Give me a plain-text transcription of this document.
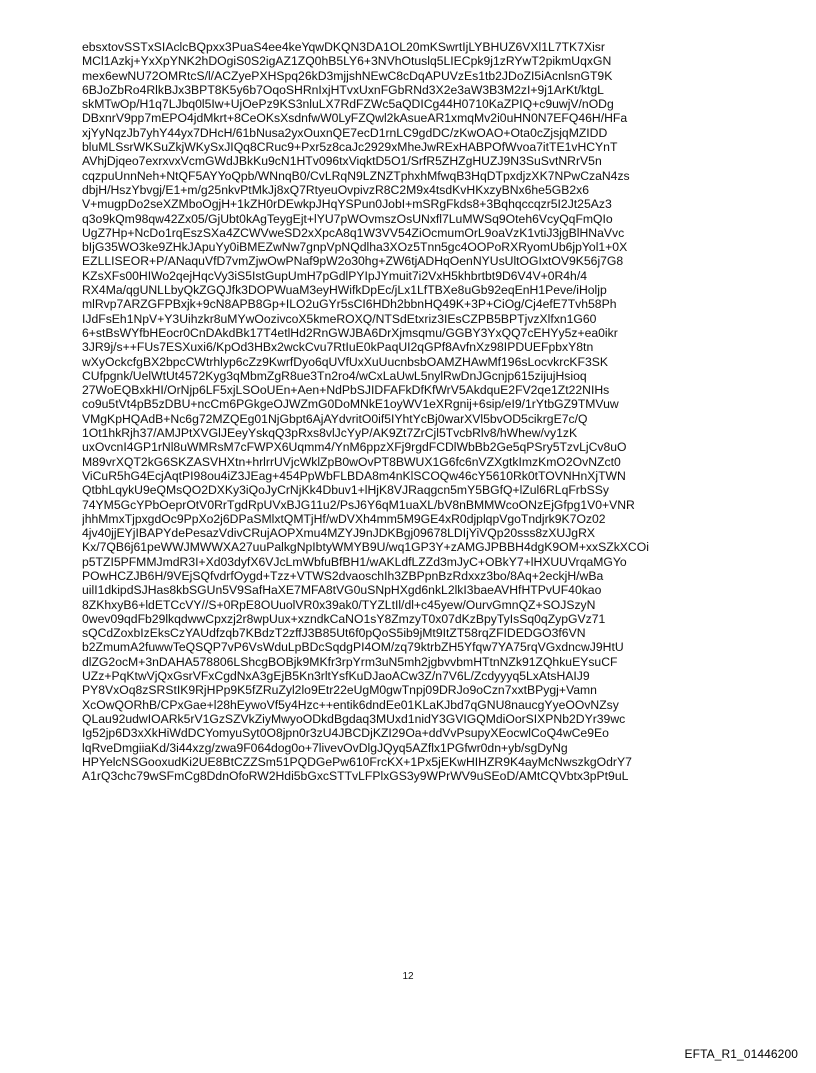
ebsxtovSSTxSIAclcBQpxx3PuaS4ee4keYqwDKQN3DA1OL20mKSwrtIjLYBHUZ6VXl1L7TK7Xisr
MCl1Azkj+YxXpYNK2hDOgiS0S2igAZ1ZQ0hB5LY6+3NVhOtuslq5LIECpk9j1zRYwT2pikmUqxGN
mex6ewNU72OMRtcS/l/ACZyePXHSpq26kD3mjjshNEwC8cDqAPUVzEs1tb2JDoZI5iAcnlsnGT9K
6BJoZbRo4RlkBJx3BPT8K5y6b7OqoSHRnIxjHTvxUxnFGbRNd3X2e3aW3B3M2zI+9j1ArKt/ktgL
skMTwOp/H1q7LJbq0l5Iw+UjOePz9KS3nluLX7RdFZWc5aQDICg44H0710KaZPIQ+c9uwjV/nODg
DBxnrV9pp7mEPO4jdMkrt+8CeOKsXsdnfwW0LyFZQwl2kAsueAR1xmqMv2i0uHN0N7EFQ46H/HFa
xjYyNqzJb7yhY44yx7DHcH/61bNusa2yxOuxnQE7ecD1rnLC9gdDC/zKwOAO+Ota0cZjsjqMZIDD
bluMLSsrWKSuZkjWKySxJIQq8CRuc9+Pxr5z8caJc2929xMheJwRExHABPOfWvoa7itTE1vHCYnT
AVhjDjqeo7exrxvxVcmGWdJBkKu9cN1HTv096txViqktD5O1/SrfR5ZHZgHUZJ9N3SuSvtNRrV5n
cqzpuUnnNeh+NtQF5AYYoQpb/WNnqB0/CvLRqN9LZNZTphxhMfwqB3HqDTpxdjzXK7NPwCzaN4zs
dbjH/HszYbvgj/E1+m/g25nkvPtMkJj8xQ7RtyeuOvpivzR8C2M9x4tsdKvHKxzyBNx6he5GB2x6
V+mugpDo2seXZMboOgjH+1kZH0rDEwkpJHqYSPun0JobI+mSRgFkds8+3Bqhqccqzr5I2Jt25Az3
q3o9kQm98qw42Zx05/GjUbt0kAgTeygEjt+lYU7pWOvmszOsUNxfl7LuMWSq9Oteh6VcyQqFmQIo
UgZ7Hp+NcDo1rqEszSXa4ZCWVweSD2xXpcA8q1W3VV54ZiOcmumOrL9oaVzK1vtiJ3jgBlHNaVvc
bIjG35WO3ke9ZHkJApuYy0iBMEZwNw7gnpVpNQdlha3XOz5Tnn5gc4OOPoRXRyomUb6jpYol1+0X
EZLLISEOR+P/ANaquVfD7vmZjwOwPNaf9pW2o30hg+ZW6tjADHqOenNYUsUltOGIxtOV9K56j7G8
KZsXFs00HIWo2qejHqcVy3iS5IstGupUmH7pGdlPYIpJYmuit7i2VxH5khbrtbt9D6V4V+0R4h/4
RX4Ma/qgUNLLbyQkZGQJfk3DOPWuaM3eyHWifkDpEc/jLx1LfTBXe8uGb92eqEnH1Peve/iHoljp
mlRvp7ARZGFPBxjk+9cN8APB8Gp+ILO2uGYr5sCI6HDh2bbnHQ49K+3P+CiOg/Cj4efE7Tvh58Ph
IJdFsEh1NpV+Y3Uihzkr8uMYwOozivcoX5kmeROXQ/NTSdEtxriz3IEsCZPB5BPTjvzXlfxn1G60
6+stBsWYfbHEocr0CnDAkdBk17T4etlHd2RnGWJBA6DrXjmsqmu/GGBY3YxQQ7cEHYy5z+ea0ikr
3JR9j/s++FUs7ESXuxi6/KpOd3HBx2wckCvu7RtIuE0kPaqUI2qGPf8AvfnXz98IPDUEFpbxY8tn
wXyOckcfgBX2bpcCWtrhlyp6cZz9KwrfDyo6qUVfUxXuUucnbsbOAMZHAwMf196sLocvkrcKF3SK
CUfpgnk/UelWtUt4572Kyg3qMbmZgR8ue3Tn2ro4/wCxLaUwL5nylRwDnJGcnjp615zijujHsioq
27WoEQBxkHI/OrNjp6LF5xjLSOoUEn+Aen+NdPbSJIDFAFkDfKfWrV5AkdquE2FV2qe1Zt22NIHs
co9u5tVt4pB5zDBU+ncCm6PGkgeOJWZmG0DoMNkE1oyWV1eXRgnij+6sip/eI9/1rYtbGZ9TMVuw
VMgKpHQAdB+Nc6g72MZQEg01NjGbpt6AjAYdvritO0if5IYhtYcBj0warXVl5bvOD5cikrgE7c/Q
1Ot1hkRjh37/AMJPtXVGlJEeyYskqQ3pRxs8vlJcYyP/AK9Zt7ZrCjl5TvcbRlv8/hWhew/vy1zK
uxOvcnI4GP1rNl8uWMRsM7cFWPX6Uqmm4/YnM6ppzXFj9rgdFCDlWbBb2Ge5qPSry5TzvLjCv8uO
M89vrXQT2kG6SKZASVHXtn+hrlrrUVjcWklZpB0wOvPT8BWUX1G6fc6nVZXgtkImzKmO2OvNZct0
ViCuR5hG4EcjAqtPI98ou4iZ3JEag+454PpWbFLBDA8m4nKlSCOQw46cY5610Rk0tTOVNHnXjTWN
QtbhLqykU9eQMsQO2DXKy3iQoJyCrNjKk4Dbuv1+lHjK8VJRaqgcn5mY5BGfQ+lZul6RLqFrbSSy
74YM5GcYPbOeprOtV0RrTgdRpUVxBJG11u2/PsJ6Y6qM1uaXL/bV8nBMMWcoONzEjGfpg1V0+VNR
jhhMmxTjpxgdOc9PpXo2j6DPaSMlxtQMTjHf/wDVXh4mm5M9GE4xR0djplqpVgoTndjrk9K7Oz02
4jv40jjEYjIBAPYdePesazVdivCRujAOPXmu4MZYJ9nJDKBgj09678LDIjYiVQp20sss8zXUJgRX
Kx/7QB6j61peWWJMWWXA27uuPalkgNpIbtyWMYB9U/wq1GP3Y+zAMGJPBBH4dgK9OM+xxSZkXCOi
p5TZI5PFMMJmdR3I+Xd03dyfX6VJcLmWbfuBfBH1/wAKLdfLZZd3mJyC+OBkY7+lHXUUVrqaMGYo
POwHCZJB6H/9VEjSQfvdrfOygd+Tzz+VTWS2dvaoschIh3ZBPpnBzRdxxz3bo/8Aq+2eckjH/wBa
uilI1dkipdSJHas8kbSGUn5V9SafHaXE7MFA8tVG0uSNpHXgd6nkL2lkI3baeAVHfHTPvUF40kao
8ZKhxyB6+ldETCcVY//S+0RpE8OUuolVR0x39ak0/TYZLtIl/dl+c45yew/OurvGmnQZ+SOJSzyN
0wev09qdFb29lkqdwwCpxzj2r8wpUux+xzndkCaNO1sY8ZmzyT0x07dKzBpyTyIsSq0qZypGVz71
sQCdZoxbIzEksCzYAUdfzqb7KBdzT2zffJ3B85Ut6f0pQoS5ib9jMt9ItZT58rqZFIDEDGO3f6VN
b2ZmumA2fuwwTeQSQP7vP6VsWduLpBDcSqdgPI4OM/zq79ktrbZH5Yfqw7YA75rqVGxdncwJ9HtU
dlZG2ocM+3nDAHA578806LShcgBOBjk9MKfr3rpYrm3uN5mh2jgbvvbmHTtnNZk91ZQhkuEYsuCF
UZz+PqKtwVjQxGsrVFxCgdNxA3gEjB5Kn3rltYsfKuDJaoACw3Z/n7V6L/Zcdyyyq5LxAtsHAIJ9
PY8VxOq8zSRStIK9RjHPp9K5fZRuZyl2lo9Etr22eUgM0gwTnpj09DRJo9oCzn7xxtBPygj+Vamn
XcOwQORhB/CPxGae+l28hEywoVf5y4Hzc++entik6dndEe01KLaKJbd7qGNU8naucgYyeOOvNZsy
QLau92udwIOARk5rV1GzSZVkZiyMwyoODkdBgdaq3MUxd1nidY3GVIGQMdiOorSIXPNb2DYr39wc
Ig52jp6D3xXkHiWdDCYomyuSyt0O8jpn0r3zU4JBCDjKZI29Oa+ddVvPsupyXEocwlCoQ4wCe9Eo
lqRveDmgiiaKd/3i44xzg/zwa9F064dog0o+7livevOvDlgJQyq5AZflx1PGfwr0dn+yb/sgDyNg
HPYelcNSGooxudKi2UE8BtCZZSm51PQDGePw610FrcKX+1Px5jEKwHIHZR9K4ayMcNwszkgOdrY7
A1rQ3chc79wSFmCg8DdnOfoRW2Hdi5bGxcSTTvLFPlxGS3y9WPrWV9uSEoD/AMtCQVbtx3pPt9uL
12
EFTA_R1_01446200
